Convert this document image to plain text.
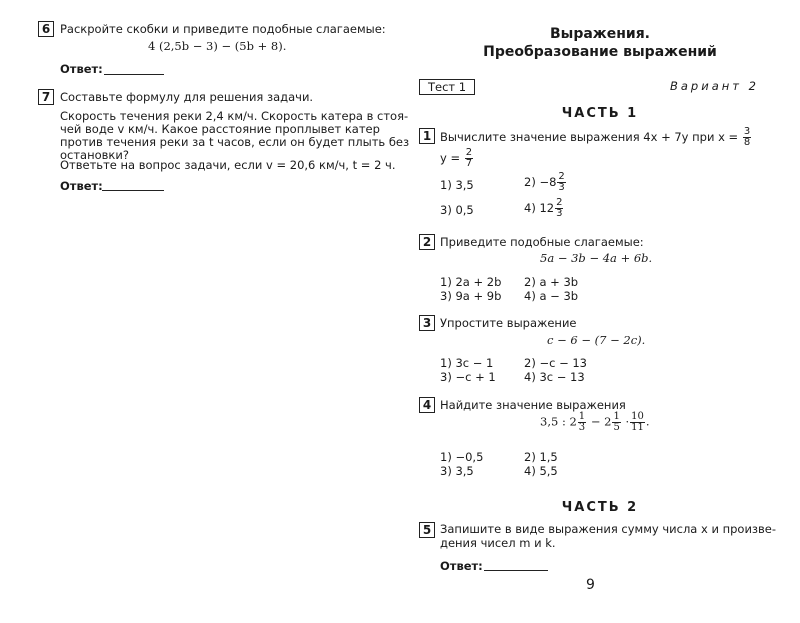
6 Раскройте скобки и приведите подобные слагаемые:
4 (2,5b − 3) − (5b + 8).
Ответ:
7 Составьте формулу для решения задачи.
Скорость течения реки 2,4 км/ч. Скорость катера в стоя-
чей воде v км/ч. Какое расстояние проплывет катер
против течения реки за t часов, если он будет плыть без
остановки?
Ответьте на вопрос задачи, если v = 20,6 км/ч, t = 2 ч.
Ответ:
Выражения.
Преобразование выражений
Тест 1	Вариант 2
ЧАСТЬ 1
1 Вычислите значение выражения 4x + 7y при $x = \frac{3}{8}$
$y = \frac{2}{7}$
1) 3,5	$2) -8 \frac{2}{3}$
3) 0,5	4) $12 \frac{2}{3}$
2 Приведите подобные слагаемые:
5a − 3b − 4a + 6b.
1) 2a + 2b 2) a + 3b
3) 9a + 9b 4) a − 3b
3 Упростите выражение
c − 6 − (7 − 2c).
1) 3c − 1	2) −c − 13
3) −c + 1 4) 3c − 13
4 Найдите значение выражения
3,5 : $2 \frac{1}{3} - 2 \frac{1}{5} \cdot \frac{10}{11}$ .
1) −0,5	2) 1,5
3) 3,5	4) 5,5
ЧАСТЬ 2
5 Запишите в виде выражения сумму числа x и произве-
дения чисел m и k.
Ответ:
9
